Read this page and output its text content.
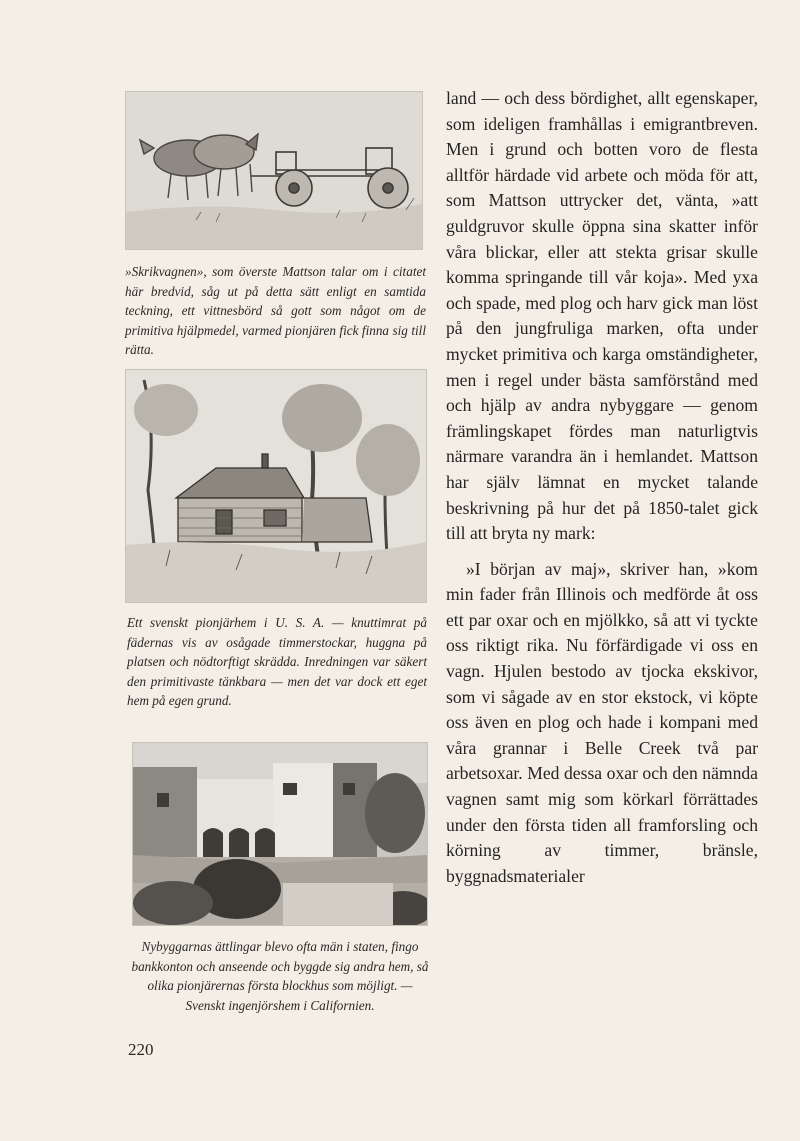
»Skrikvagnen», som överste Mattson talar om i citatet här bredvid, såg ut på detta sätt enligt en samtida teckning, ett vittnesbörd så gott som något om de primitiva hjälpmedel, varmed pionjären fick finna sig till rätta.

Ett svenskt pionjärhem i U. S. A. — knuttimrat på fädernas vis av osågade timmerstockar, huggna på platsen och nödtorftigt skrädda. Inredningen var säkert den primitivaste tänkbara — men det var dock ett eget hem på egen grund.

Nybyggarnas ättlingar blevo ofta män i staten, fingo bankkonton och anseende och byggde sig andra hem, så olika pionjärernas första blockhus som möjligt. — Svenskt ingenjörshem i Californien.

land — och dess bördighet, allt egenskaper, som ideligen framhållas i emigrantbreven. Men i grund och botten voro de flesta alltför härdade vid arbete och möda för att, som Mattson uttrycker det, vänta, »att guldgruvor skulle öppna sina skatter inför våra blickar, eller att stekta grisar skulle komma springande till vår koja». Med yxa och spade, med plog och harv gick man löst på den jungfruliga marken, ofta under mycket primitiva och karga omständigheter, men i regel under bästa samförstånd med och hjälp av andra nybyggare — genom främlingskapet fördes man naturligtvis närmare varandra än i hemlandet. Mattson har själv lämnat en mycket talande beskrivning på hur det på 1850-talet gick till att bryta ny mark:

»I början av maj», skriver han, »kom min fader från Illinois och medförde åt oss ett par oxar och en mjölkko, så att vi tyckte oss riktigt rika. Nu förfärdigade vi oss en vagn. Hjulen bestodo av tjocka ekskivor, som vi sågade av en stor ekstock, vi köpte oss även en plog och hade i kompani med våra grannar i Belle Creek två par arbetsoxar. Med dessa oxar och den nämnda vagnen samt mig som körkarl förrättades under den första tiden all framforsling och körning av timmer, bränsle, byggnadsmaterialer

220
